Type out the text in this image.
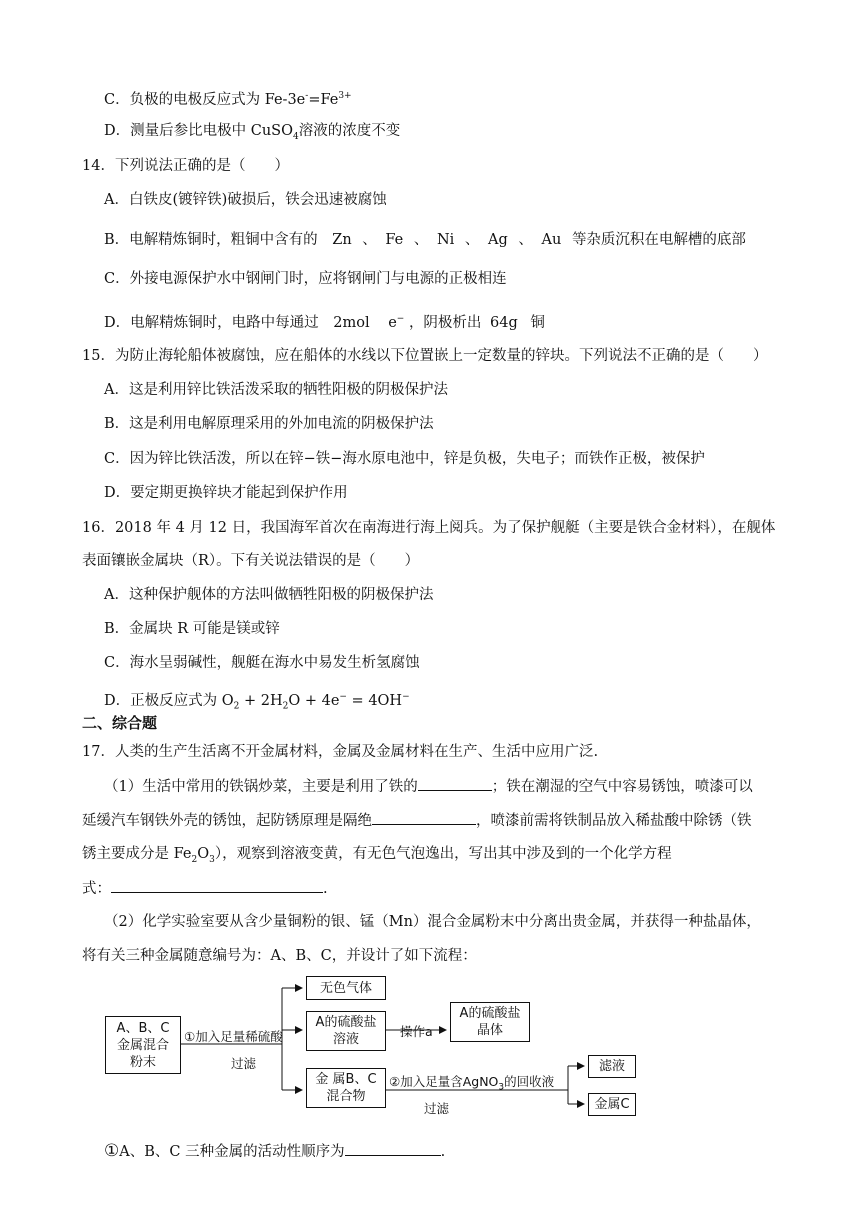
C．负极的电极反应式为 $Fe-3e^-=Fe^{3+}$
D．测量后参比电极中 CuSO$_4$溶液的浓度不变
14．下列说法正确的是（　　）
A．白铁皮(镀锌铁)破损后，铁会迅速被腐蚀
B．电解精炼铜时，粗铜中含有的 Zn 、 Fe 、 Ni 、 Ag 、 Au 等杂质沉积在电解槽的底部
C．外接电源保护水中钢闸门时，应将钢闸门与电源的正极相连
D．电解精炼铜时，电路中每通过 2mol e− ，阴极析出 64g 铜
15．为防止海轮船体被腐蚀，应在船体的水线以下位置嵌上一定数量的锌块。下列说法不正确的是（　　）
A．这是利用锌比铁活泼采取的牺牲阳极的阴极保护法
B．这是利用电解原理采用的外加电流的阴极保护法
C．因为锌比铁活泼，所以在锌−铁−海水原电池中，锌是负极，失电子；而铁作正极，被保护
D．要定期更换锌块才能起到保护作用
16．2018 年 4 月 12 日，我国海军首次在南海进行海上阅兵。为了保护舰艇（主要是铁合金材料），在舰体
表面镶嵌金属块（R）。下有关说法错误的是（　　）
A．这种保护舰体的方法叫做牺牲阳极的阴极保护法
B．金属块 R 可能是镁或锌
C．海水呈弱碱性，舰艇在海水中易发生析氢腐蚀
D．正极反应式为 $O_2 + 2H_2O + 4e^- = 4OH^-$
二、综合题
17．人类的生产生活离不开金属材料，金属及金属材料在生产、生活中应用广泛.
（1）生活中常用的铁锅炒菜，主要是利用了铁的	；铁在潮湿的空气中容易锈蚀，喷漆可以
延缓汽车钢铁外壳的锈蚀，起防锈原理是隔绝	，喷漆前需将铁制品放入稀盐酸中除锈（铁
锈主要成分是 $Fe_2O_3$），观察到溶液变黄，有无色气泡逸出，写出其中涉及到的一个化学方程
式：	.
（2）化学实验室要从含少量铜粉的银、锰（Mn）混合金属粉末中分离出贵金属，并获得一种盐晶体，
将有关三种金属随意编号为：A、B、C，并设计了如下流程：
A、B、C
金属混合
粉末
①加入足量稀硫酸
过滤
无色气体
A的硫酸盐
溶液
操作a
A的硫酸盐
晶体
金 属B、C
混合物
②加入足量含AgNO$_3$的回收液
过滤
滤液
金属C
①A、B、C 三种金属的活动性顺序为	.
